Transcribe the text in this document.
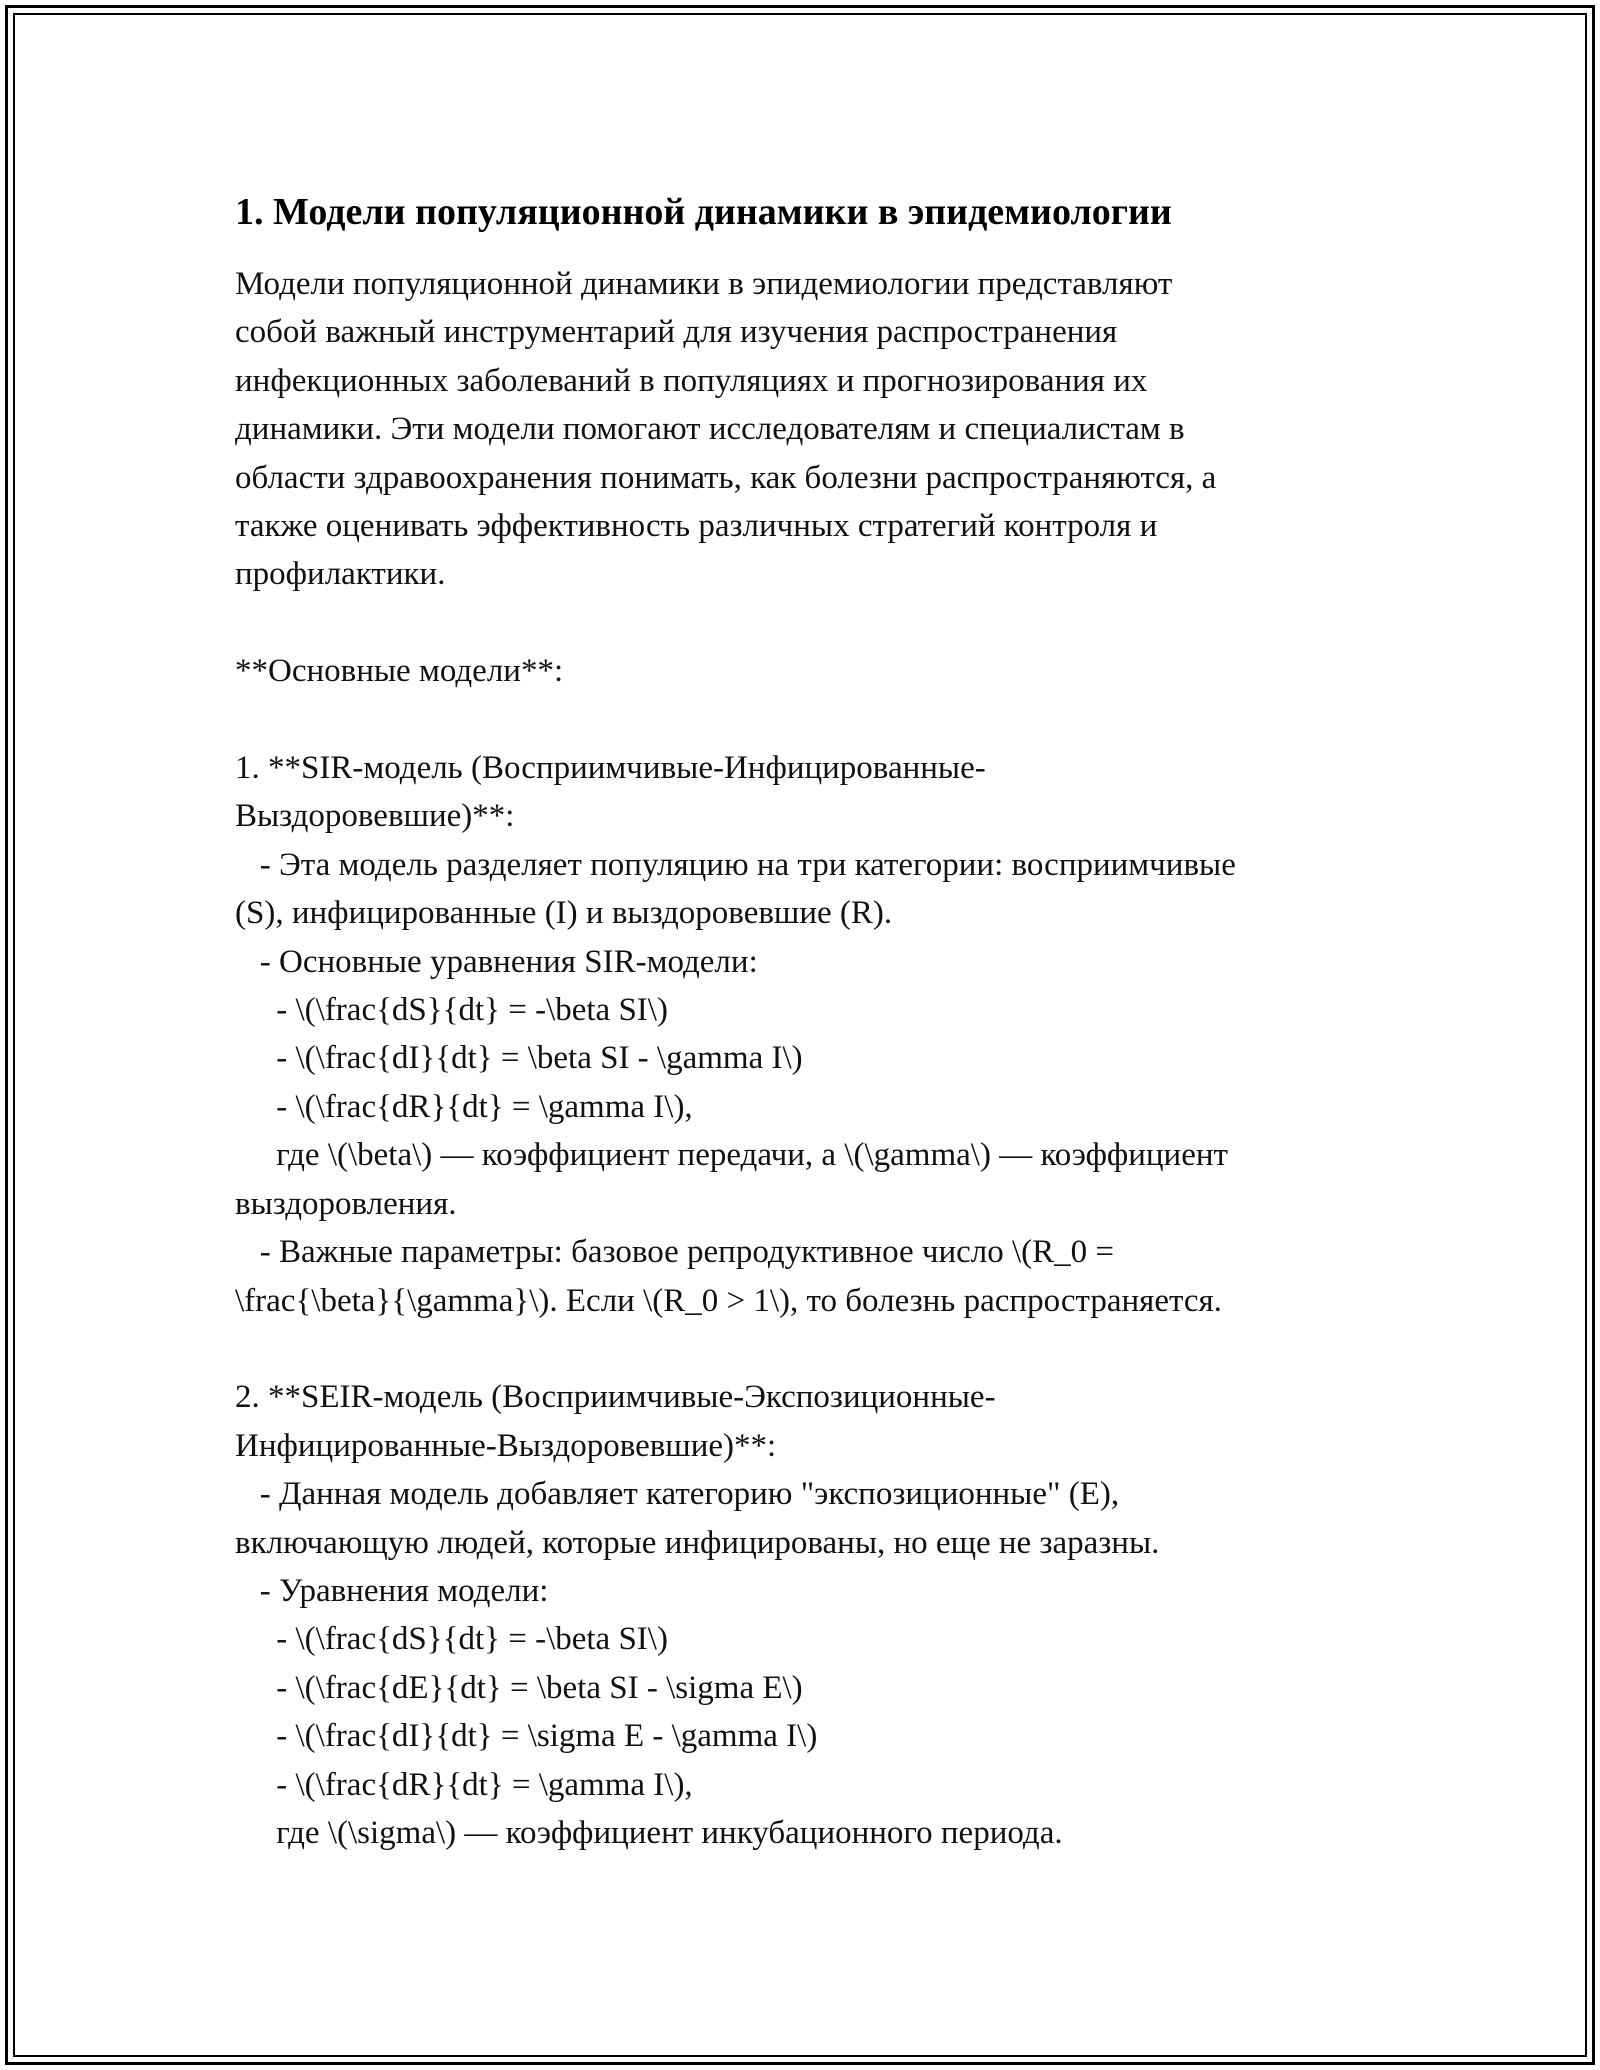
1. Модели популяционной динамики в эпидемиологии
Модели популяционной динамики в эпидемиологии представляют
собой важный инструментарий для изучения распространения
инфекционных заболеваний в популяциях и прогнозирования их
динамики. Эти модели помогают исследователям и специалистам в
области здравоохранения понимать, как болезни распространяются, а
также оценивать эффективность различных стратегий контроля и
профилактики.
**Основные модели**:
1. **SIR-модель (Восприимчивые-Инфицированные-
Выздоровевшие)**:
- Эта модель разделяет популяцию на три категории: восприимчивые
(S), инфицированные (I) и выздоровевшие (R).
- Основные уравнения SIR-модели:
- \(\frac{dS}{dt} = -\beta SI\)
- \(\frac{dI}{dt} = \beta SI - \gamma I\)
- \(\frac{dR}{dt} = \gamma I\),
где \(\beta\) — коэффициент передачи, а \(\gamma\) — коэффициент
выздоровления.
- Важные параметры: базовое репродуктивное число \(R_0 =
\frac{\beta}{\gamma}\). Если \(R_0 > 1\), то болезнь распространяется.
2. **SEIR-модель (Восприимчивые-Экспозиционные-
Инфицированные-Выздоровевшие)**:
- Данная модель добавляет категорию "экспозиционные" (E),
включающую людей, которые инфицированы, но еще не заразны.
- Уравнения модели:
- \(\frac{dS}{dt} = -\beta SI\)
- \(\frac{dE}{dt} = \beta SI - \sigma E\)
- \(\frac{dI}{dt} = \sigma E - \gamma I\)
- \(\frac{dR}{dt} = \gamma I\),
где \(\sigma\) — коэффициент инкубационного периода.
